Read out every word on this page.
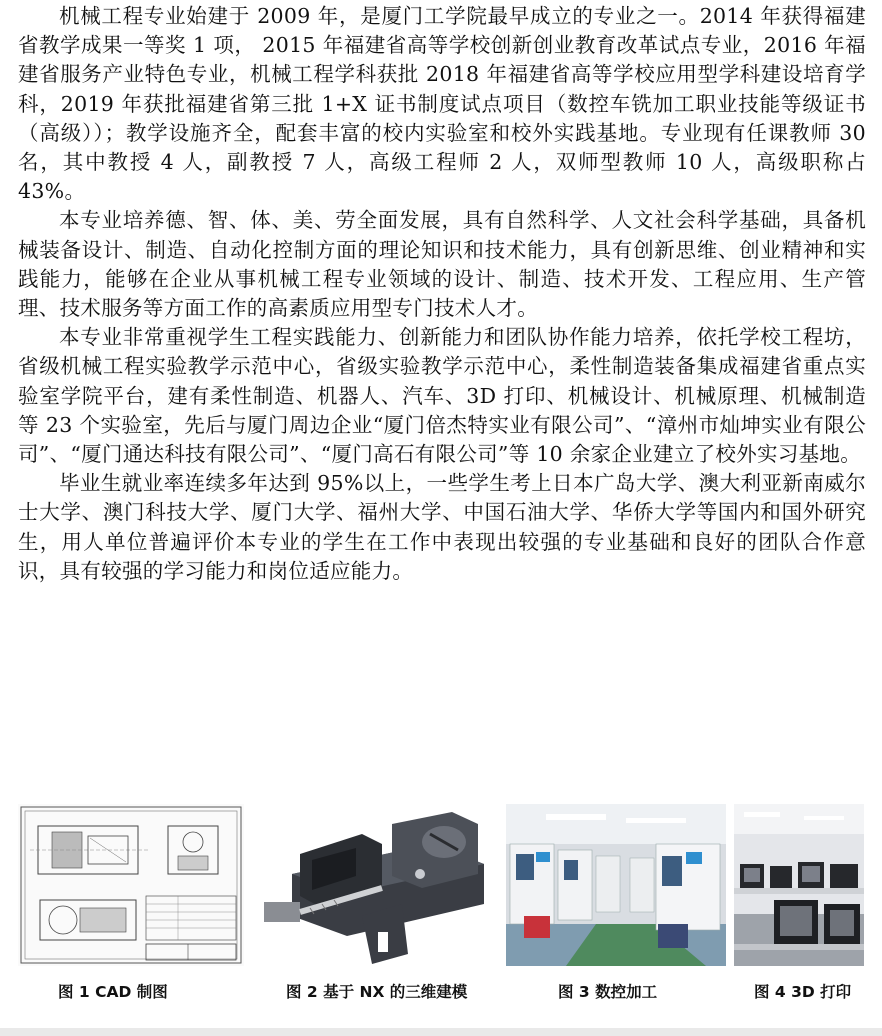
机械工程专业始建于 2009 年，是厦门工学院最早成立的专业之一。2014 年获得福建省教学成果一等奖 1 项， 2015 年福建省高等学校创新创业教育改革试点专业，2016 年福建省服务产业特色专业，机械工程学科获批 2018 年福建省高等学校应用型学科建设培育学科，2019 年获批福建省第三批 1+X 证书制度试点项目（数控车铣加工职业技能等级证书（高级））；教学设施齐全，配套丰富的校内实验室和校外实践基地。专业现有任课教师 30 名，其中教授 4 人，副教授 7 人，高级工程师 2 人，双师型教师 10 人，高级职称占 43%。

本专业培养德、智、体、美、劳全面发展，具有自然科学、人文社会科学基础，具备机械装备设计、制造、自动化控制方面的理论知识和技术能力，具有创新思维、创业精神和实践能力，能够在企业从事机械工程专业领域的设计、制造、技术开发、工程应用、生产管理、技术服务等方面工作的高素质应用型专门技术人才。

本专业非常重视学生工程实践能力、创新能力和团队协作能力培养，依托学校工程坊，省级机械工程实验教学示范中心，省级实验教学示范中心，柔性制造装备集成福建省重点实验室学院平台，建有柔性制造、机器人、汽车、3D 打印、机械设计、机械原理、机械制造等 23 个实验室，先后与厦门周边企业“厦门倍杰特实业有限公司”、“漳州市灿坤实业有限公司”、“厦门通达科技有限公司”、“厦门高石有限公司”等 10 余家企业建立了校外实习基地。

毕业生就业率连续多年达到 95%以上，一些学生考上日本广岛大学、澳大利亚新南威尔士大学、澳门科技大学、厦门大学、福州大学、中国石油大学、华侨大学等国内和国外研究生，用人单位普遍评价本专业的学生在工作中表现出较强的专业基础和良好的团队合作意识，具有较强的学习能力和岗位适应能力。

图 1 CAD 制图	图 2 基于 NX 的三维建模	图 3 数控加工	图 4 3D 打印
